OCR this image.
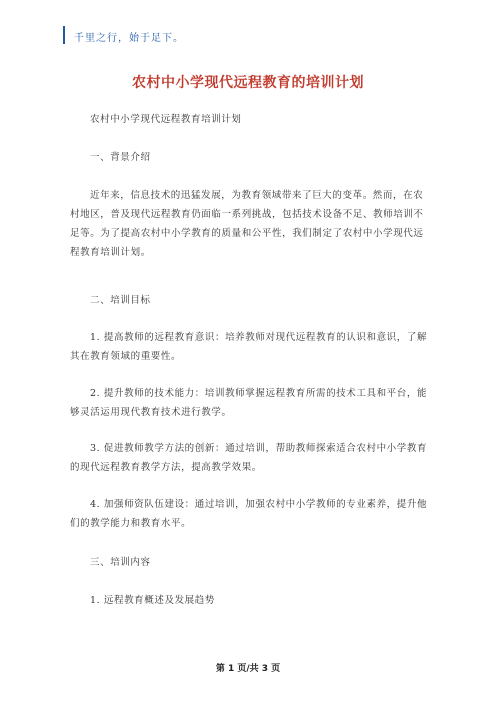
千里之行，始于足下。
农村中小学现代远程教育的培训计划

农村中小学现代远程教育培训计划

一、背景介绍

近年来，信息技术的迅猛发展，为教育领域带来了巨大的变革。然而，在农村地区，普及现代远程教育仍面临一系列挑战，包括技术设备不足、教师培训不足等。为了提高农村中小学教育的质量和公平性，我们制定了农村中小学现代远程教育培训计划。

二、培训目标

1. 提高教师的远程教育意识：培养教师对现代远程教育的认识和意识，了解其在教育领域的重要性。

2. 提升教师的技术能力：培训教师掌握远程教育所需的技术工具和平台，能够灵活运用现代教育技术进行教学。

3. 促进教师教学方法的创新：通过培训，帮助教师探索适合农村中小学教育的现代远程教育教学方法，提高教学效果。

4. 加强师资队伍建设：通过培训，加强农村中小学教师的专业素养，提升他们的教学能力和教育水平。

三、培训内容

1. 远程教育概述及发展趋势

第 1 页/共 3 页
